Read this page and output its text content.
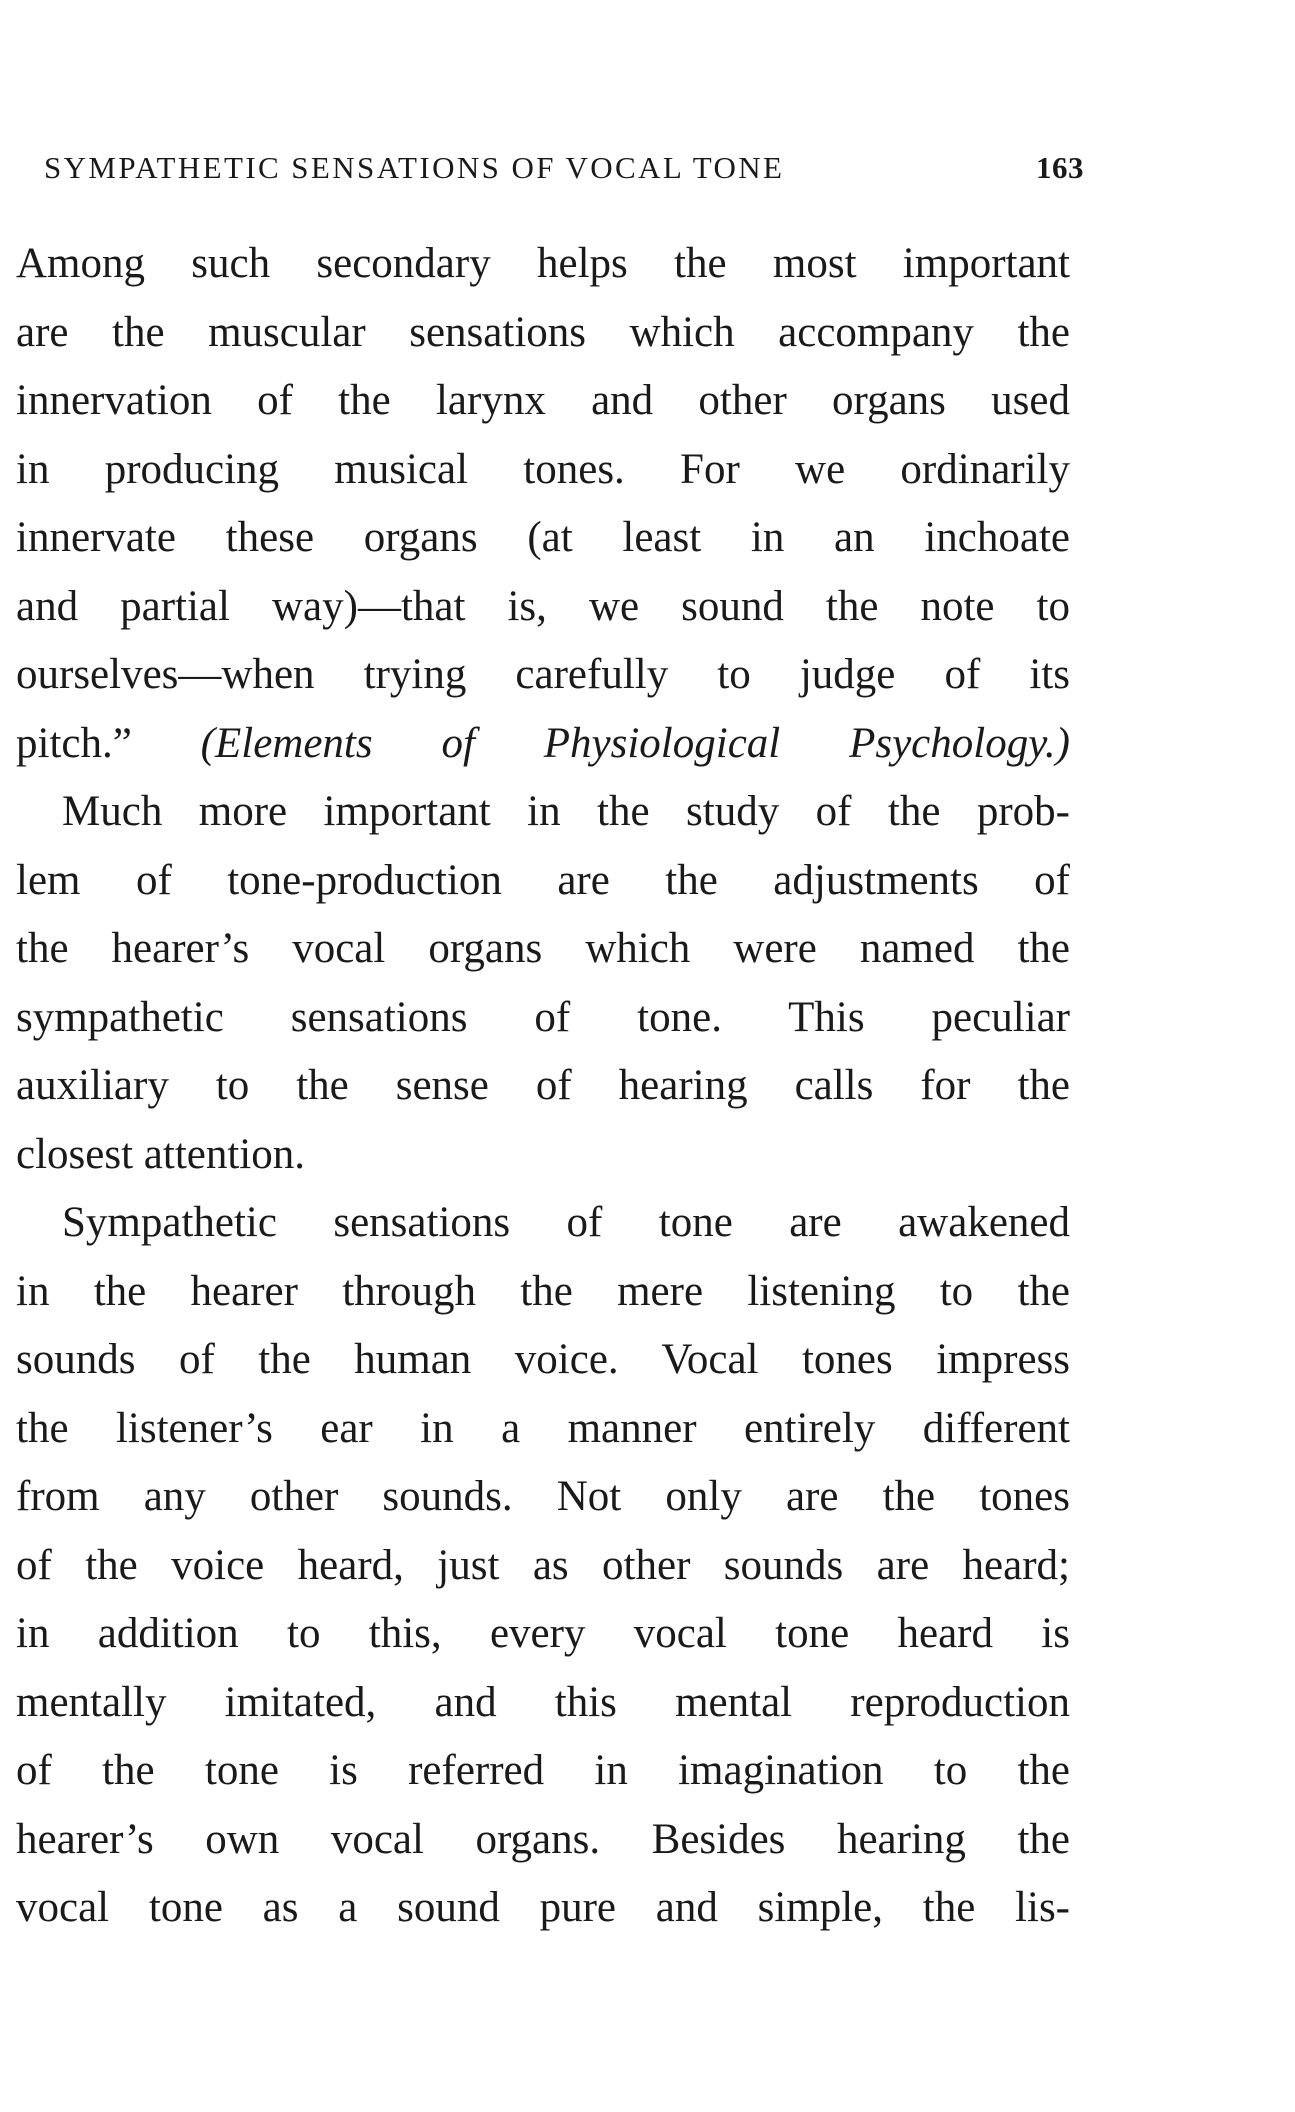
SYMPATHETIC SENSATIONS OF VOCAL TONE	163
Among such secondary helps the most important
are the muscular sensations which accompany the
innervation of the larynx and other organs used
in producing musical tones. For we ordinarily
innervate these organs (at least in an inchoate
and partial way)—that is, we sound the note to
ourselves—when trying carefully to judge of its
pitch.” (Elements of Physiological Psychology.)
Much more important in the study of the prob-
lem of tone-production are the adjustments of
the hearer’s vocal organs which were named the
sympathetic sensations of tone. This peculiar
auxiliary to the sense of hearing calls for the
closest attention.
Sympathetic sensations of tone are awakened
in the hearer through the mere listening to the
sounds of the human voice. Vocal tones impress
the listener’s ear in a manner entirely different
from any other sounds. Not only are the tones
of the voice heard, just as other sounds are heard;
in addition to this, every vocal tone heard is
mentally imitated, and this mental reproduction
of the tone is referred in imagination to the
hearer’s own vocal organs. Besides hearing the
vocal tone as a sound pure and simple, the lis-
